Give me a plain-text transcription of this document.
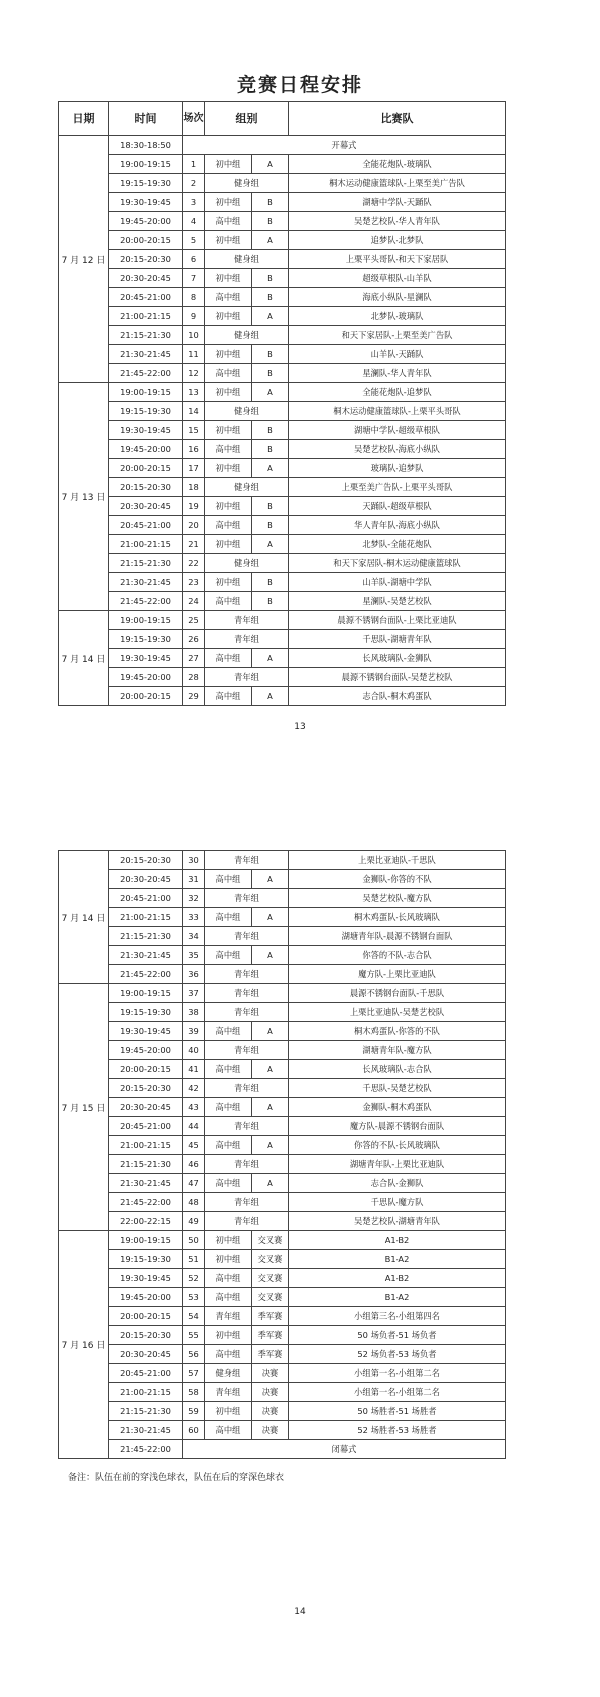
竞赛日程安排
日期	时间	场次	组别		比赛队
7 月 12 日	18:30-18:50	开幕式			
	19:00-19:15	1	初中组	A	全能花炮队-玻璃队
	19:15-19:30	2	健身组		桐木运动健康篮球队-上栗至美广告队
	19:30-19:45	3	初中组	B	湖塘中学队-天踊队
	19:45-20:00	4	高中组	B	吴楚艺校队-华人青年队
	20:00-20:15	5	初中组	A	追梦队-北梦队
	20:15-20:30	6	健身组		上栗平头哥队-和天下家居队
	20:30-20:45	7	初中组	B	超级草根队-山羊队
	20:45-21:00	8	高中组	B	海底小纵队-星澜队
	21:00-21:15	9	初中组	A	北梦队-玻璃队
	21:15-21:30	10	健身组		和天下家居队-上栗至美广告队
	21:30-21:45	11	初中组	B	山羊队-天踊队
	21:45-22:00	12	高中组	B	星澜队-华人青年队
7 月 13 日	19:00-19:15	13	初中组	A	全能花炮队-追梦队
	19:15-19:30	14	健身组		桐木运动健康篮球队-上栗平头哥队
	19:30-19:45	15	初中组	B	湖塘中学队-超级草根队
	19:45-20:00	16	高中组	B	吴楚艺校队-海底小纵队
	20:00-20:15	17	初中组	A	玻璃队-追梦队
	20:15-20:30	18	健身组		上栗至美广告队-上栗平头哥队
	20:30-20:45	19	初中组	B	天踊队-超级草根队
	20:45-21:00	20	高中组	B	华人青年队-海底小纵队
	21:00-21:15	21	初中组	A	北梦队-全能花炮队
	21:15-21:30	22	健身组		和天下家居队-桐木运动健康篮球队
	21:30-21:45	23	初中组	B	山羊队-湖塘中学队
	21:45-22:00	24	高中组	B	星澜队-吴楚艺校队
7 月 14 日	19:00-19:15	25	青年组		晨源不锈钢台面队-上栗比亚迪队
	19:15-19:30	26	青年组		千思队-湖塘青年队
	19:30-19:45	27	高中组	A	长风玻璃队-金狮队
	19:45-20:00	28	青年组		晨源不锈钢台面队-吴楚艺校队
	20:00-20:15	29	高中组	A	志合队-桐木鸡蛋队
13
7 月 14 日	20:15-20:30	30	青年组		上栗比亚迪队-千思队
	20:30-20:45	31	高中组	A	金狮队-你答的不队
	20:45-21:00	32	青年组		吴楚艺校队-魔方队
	21:00-21:15	33	高中组	A	桐木鸡蛋队-长风玻璃队
	21:15-21:30	34	青年组		湖塘青年队-晨源不锈钢台面队
	21:30-21:45	35	高中组	A	你答的不队-志合队
	21:45-22:00	36	青年组		魔方队-上栗比亚迪队
7 月 15 日	19:00-19:15	37	青年组		晨源不锈钢台面队-千思队
	19:15-19:30	38	青年组		上栗比亚迪队-吴楚艺校队
	19:30-19:45	39	高中组	A	桐木鸡蛋队-你答的不队
	19:45-20:00	40	青年组		湖塘青年队-魔方队
	20:00-20:15	41	高中组	A	长风玻璃队-志合队
	20:15-20:30	42	青年组		千思队-吴楚艺校队
	20:30-20:45	43	高中组	A	金狮队-桐木鸡蛋队
	20:45-21:00	44	青年组		魔方队-晨源不锈钢台面队
	21:00-21:15	45	高中组	A	你答的不队-长风玻璃队
	21:15-21:30	46	青年组		湖塘青年队-上栗比亚迪队
	21:30-21:45	47	高中组	A	志合队-金狮队
	21:45-22:00	48	青年组		千思队-魔方队
	22:00-22:15	49	青年组		吴楚艺校队-湖塘青年队
7 月 16 日	19:00-19:15	50	初中组	交叉赛	A1-B2
	19:15-19:30	51	初中组	交叉赛	B1-A2
	19:30-19:45	52	高中组	交叉赛	A1-B2
	19:45-20:00	53	高中组	交叉赛	B1-A2
	20:00-20:15	54	青年组	季军赛	小组第三名-小组第四名
	20:15-20:30	55	初中组	季军赛	50 场负者-51 场负者
	20:30-20:45	56	高中组	季军赛	52 场负者-53 场负者
	20:45-21:00	57	健身组	决赛	小组第一名-小组第二名
	21:00-21:15	58	青年组	决赛	小组第一名-小组第二名
	21:15-21:30	59	初中组	决赛	50 场胜者-51 场胜者
	21:30-21:45	60	高中组	决赛	52 场胜者-53 场胜者
	21:45-22:00	闭幕式			
备注：队伍在前的穿浅色球衣，队伍在后的穿深色球衣
14
